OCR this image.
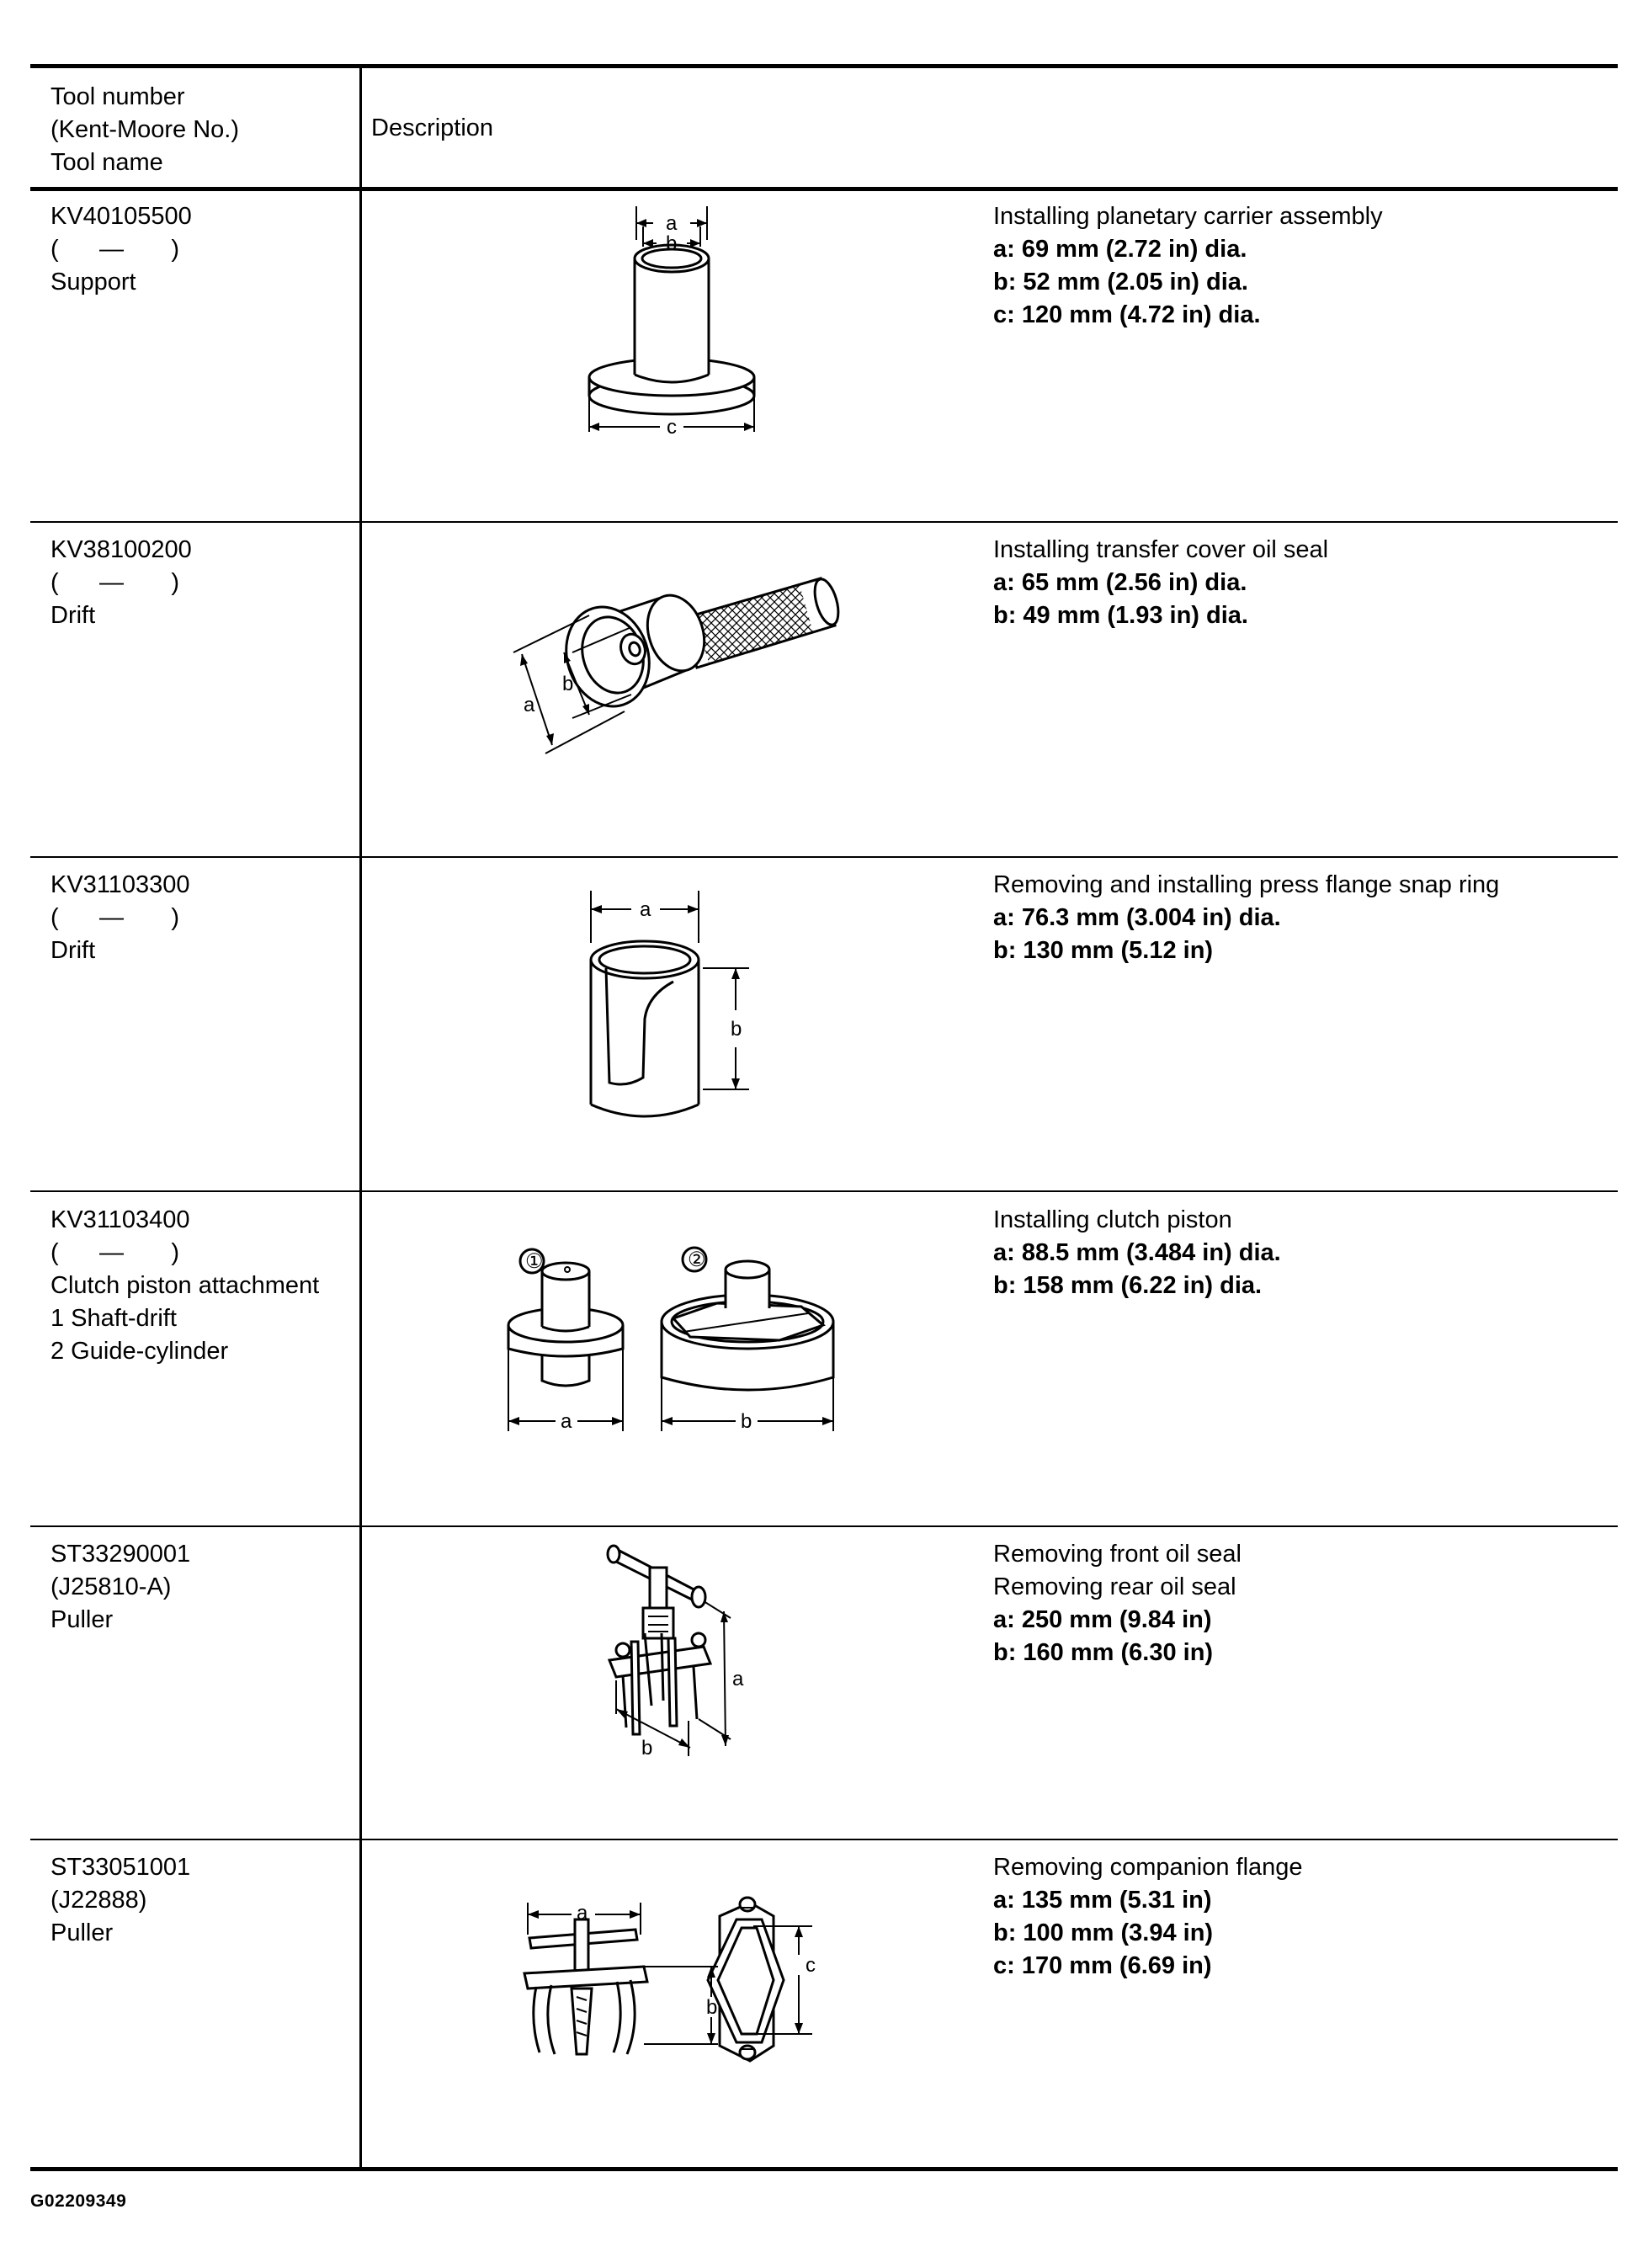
Tool number
(Kent-Moore No.)
Tool name
Description
KV40105500
(      —       )
Support
a
b
c
Installing planetary carrier assembly
a: 69 mm (2.72 in) dia.
b: 52 mm (2.05 in) dia.
c: 120 mm (4.72 in) dia.
KV38100200
(      —       )
Drift
a
b
Installing transfer cover oil seal
a: 65 mm (2.56 in) dia.
b: 49 mm (1.93 in) dia.
KV31103300
(      —       )
Drift
a
b
Removing and installing press flange snap ring
a: 76.3 mm (3.004 in) dia.
b: 130 mm (5.12 in)
KV31103400
(      —       )
Clutch piston attachment
1 Shaft-drift
2 Guide-cylinder
①	②
a	b
Installing clutch piston
a: 88.5 mm (3.484 in) dia.
b: 158 mm (6.22 in) dia.
ST33290001
(J25810-A)
Puller
a
b
Removing front oil seal
Removing rear oil seal
a: 250 mm (9.84 in)
b: 160 mm (6.30 in)
ST33051001
(J22888)
Puller
a
b
c
Removing companion flange
a: 135 mm (5.31 in)
b: 100 mm (3.94 in)
c: 170 mm (6.69 in)
G02209349
